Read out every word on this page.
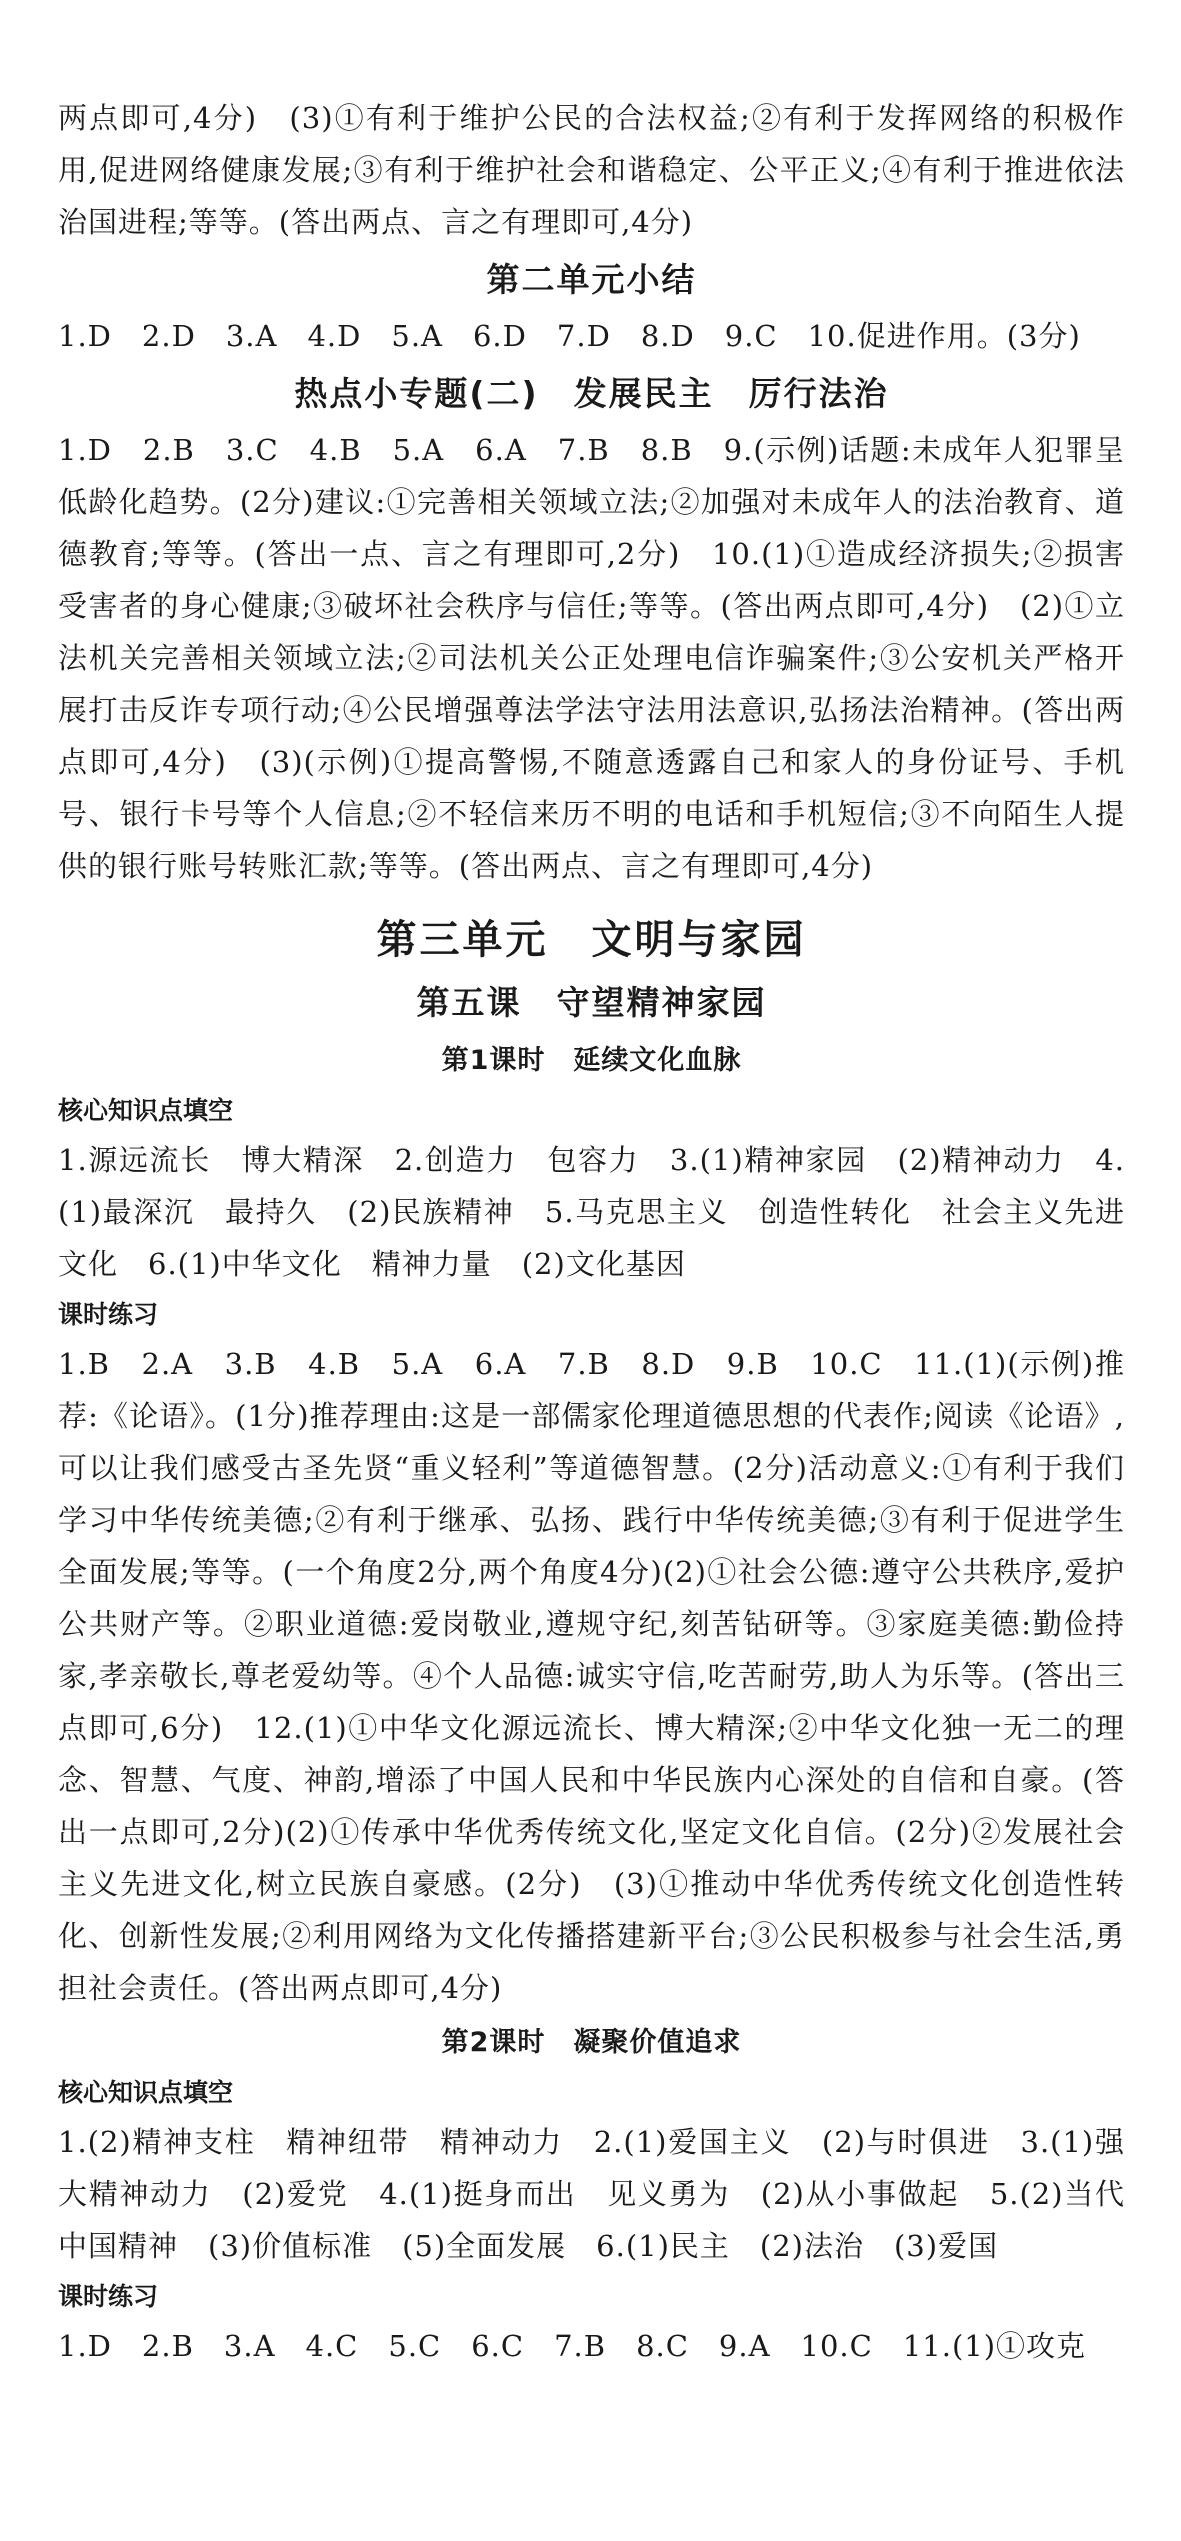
两点即可,4分)　(3)①有利于维护公民的合法权益;②有利于发挥网络的积极作用,促进网络健康发展;③有利于维护社会和谐稳定、公平正义;④有利于推进依法治国进程;等等。(答出两点、言之有理即可,4分)

第二单元小结

1.D　2.D　3.A　4.D　5.A　6.D　7.D　8.D　9.C　10.促进作用。(3分)

热点小专题(二)　发展民主　厉行法治

1.D　2.B　3.C　4.B　5.A　6.A　7.B　8.B　9.(示例)话题:未成年人犯罪呈低龄化趋势。(2分)建议:①完善相关领域立法;②加强对未成年人的法治教育、道德教育;等等。(答出一点、言之有理即可,2分)　10.(1)①造成经济损失;②损害受害者的身心健康;③破坏社会秩序与信任;等等。(答出两点即可,4分)　(2)①立法机关完善相关领域立法;②司法机关公正处理电信诈骗案件;③公安机关严格开展打击反诈专项行动;④公民增强尊法学法守法用法意识,弘扬法治精神。(答出两点即可,4分)　(3)(示例)①提高警惕,不随意透露自己和家人的身份证号、手机号、银行卡号等个人信息;②不轻信来历不明的电话和手机短信;③不向陌生人提供的银行账号转账汇款;等等。(答出两点、言之有理即可,4分)

第三单元　文明与家园
第五课　守望精神家园
第1课时　延续文化血脉
核心知识点填空

1.源远流长　博大精深　2.创造力　包容力　3.(1)精神家园　(2)精神动力　4.(1)最深沉　最持久　(2)民族精神　5.马克思主义　创造性转化　社会主义先进文化　6.(1)中华文化　精神力量　(2)文化基因

课时练习

1.B　2.A　3.B　4.B　5.A　6.A　7.B　8.D　9.B　10.C　11.(1)(示例)推荐:《论语》。(1分)推荐理由:这是一部儒家伦理道德思想的代表作;阅读《论语》,可以让我们感受古圣先贤“重义轻利”等道德智慧。(2分)活动意义:①有利于我们学习中华传统美德;②有利于继承、弘扬、践行中华传统美德;③有利于促进学生全面发展;等等。(一个角度2分,两个角度4分)(2)①社会公德:遵守公共秩序,爱护公共财产等。②职业道德:爱岗敬业,遵规守纪,刻苦钻研等。③家庭美德:勤俭持家,孝亲敬长,尊老爱幼等。④个人品德:诚实守信,吃苦耐劳,助人为乐等。(答出三点即可,6分)　12.(1)①中华文化源远流长、博大精深;②中华文化独一无二的理念、智慧、气度、神韵,增添了中国人民和中华民族内心深处的自信和自豪。(答出一点即可,2分)(2)①传承中华优秀传统文化,坚定文化自信。(2分)②发展社会主义先进文化,树立民族自豪感。(2分)　(3)①推动中华优秀传统文化创造性转化、创新性发展;②利用网络为文化传播搭建新平台;③公民积极参与社会生活,勇担社会责任。(答出两点即可,4分)

第2课时　凝聚价值追求
核心知识点填空

1.(2)精神支柱　精神纽带　精神动力　2.(1)爱国主义　(2)与时俱进　3.(1)强大精神动力　(2)爱党　4.(1)挺身而出　见义勇为　(2)从小事做起　5.(2)当代中国精神　(3)价值标准　(5)全面发展　6.(1)民主　(2)法治　(3)爱国

课时练习

1.D　2.B　3.A　4.C　5.C　6.C　7.B　8.C　9.A　10.C　11.(1)①攻克
